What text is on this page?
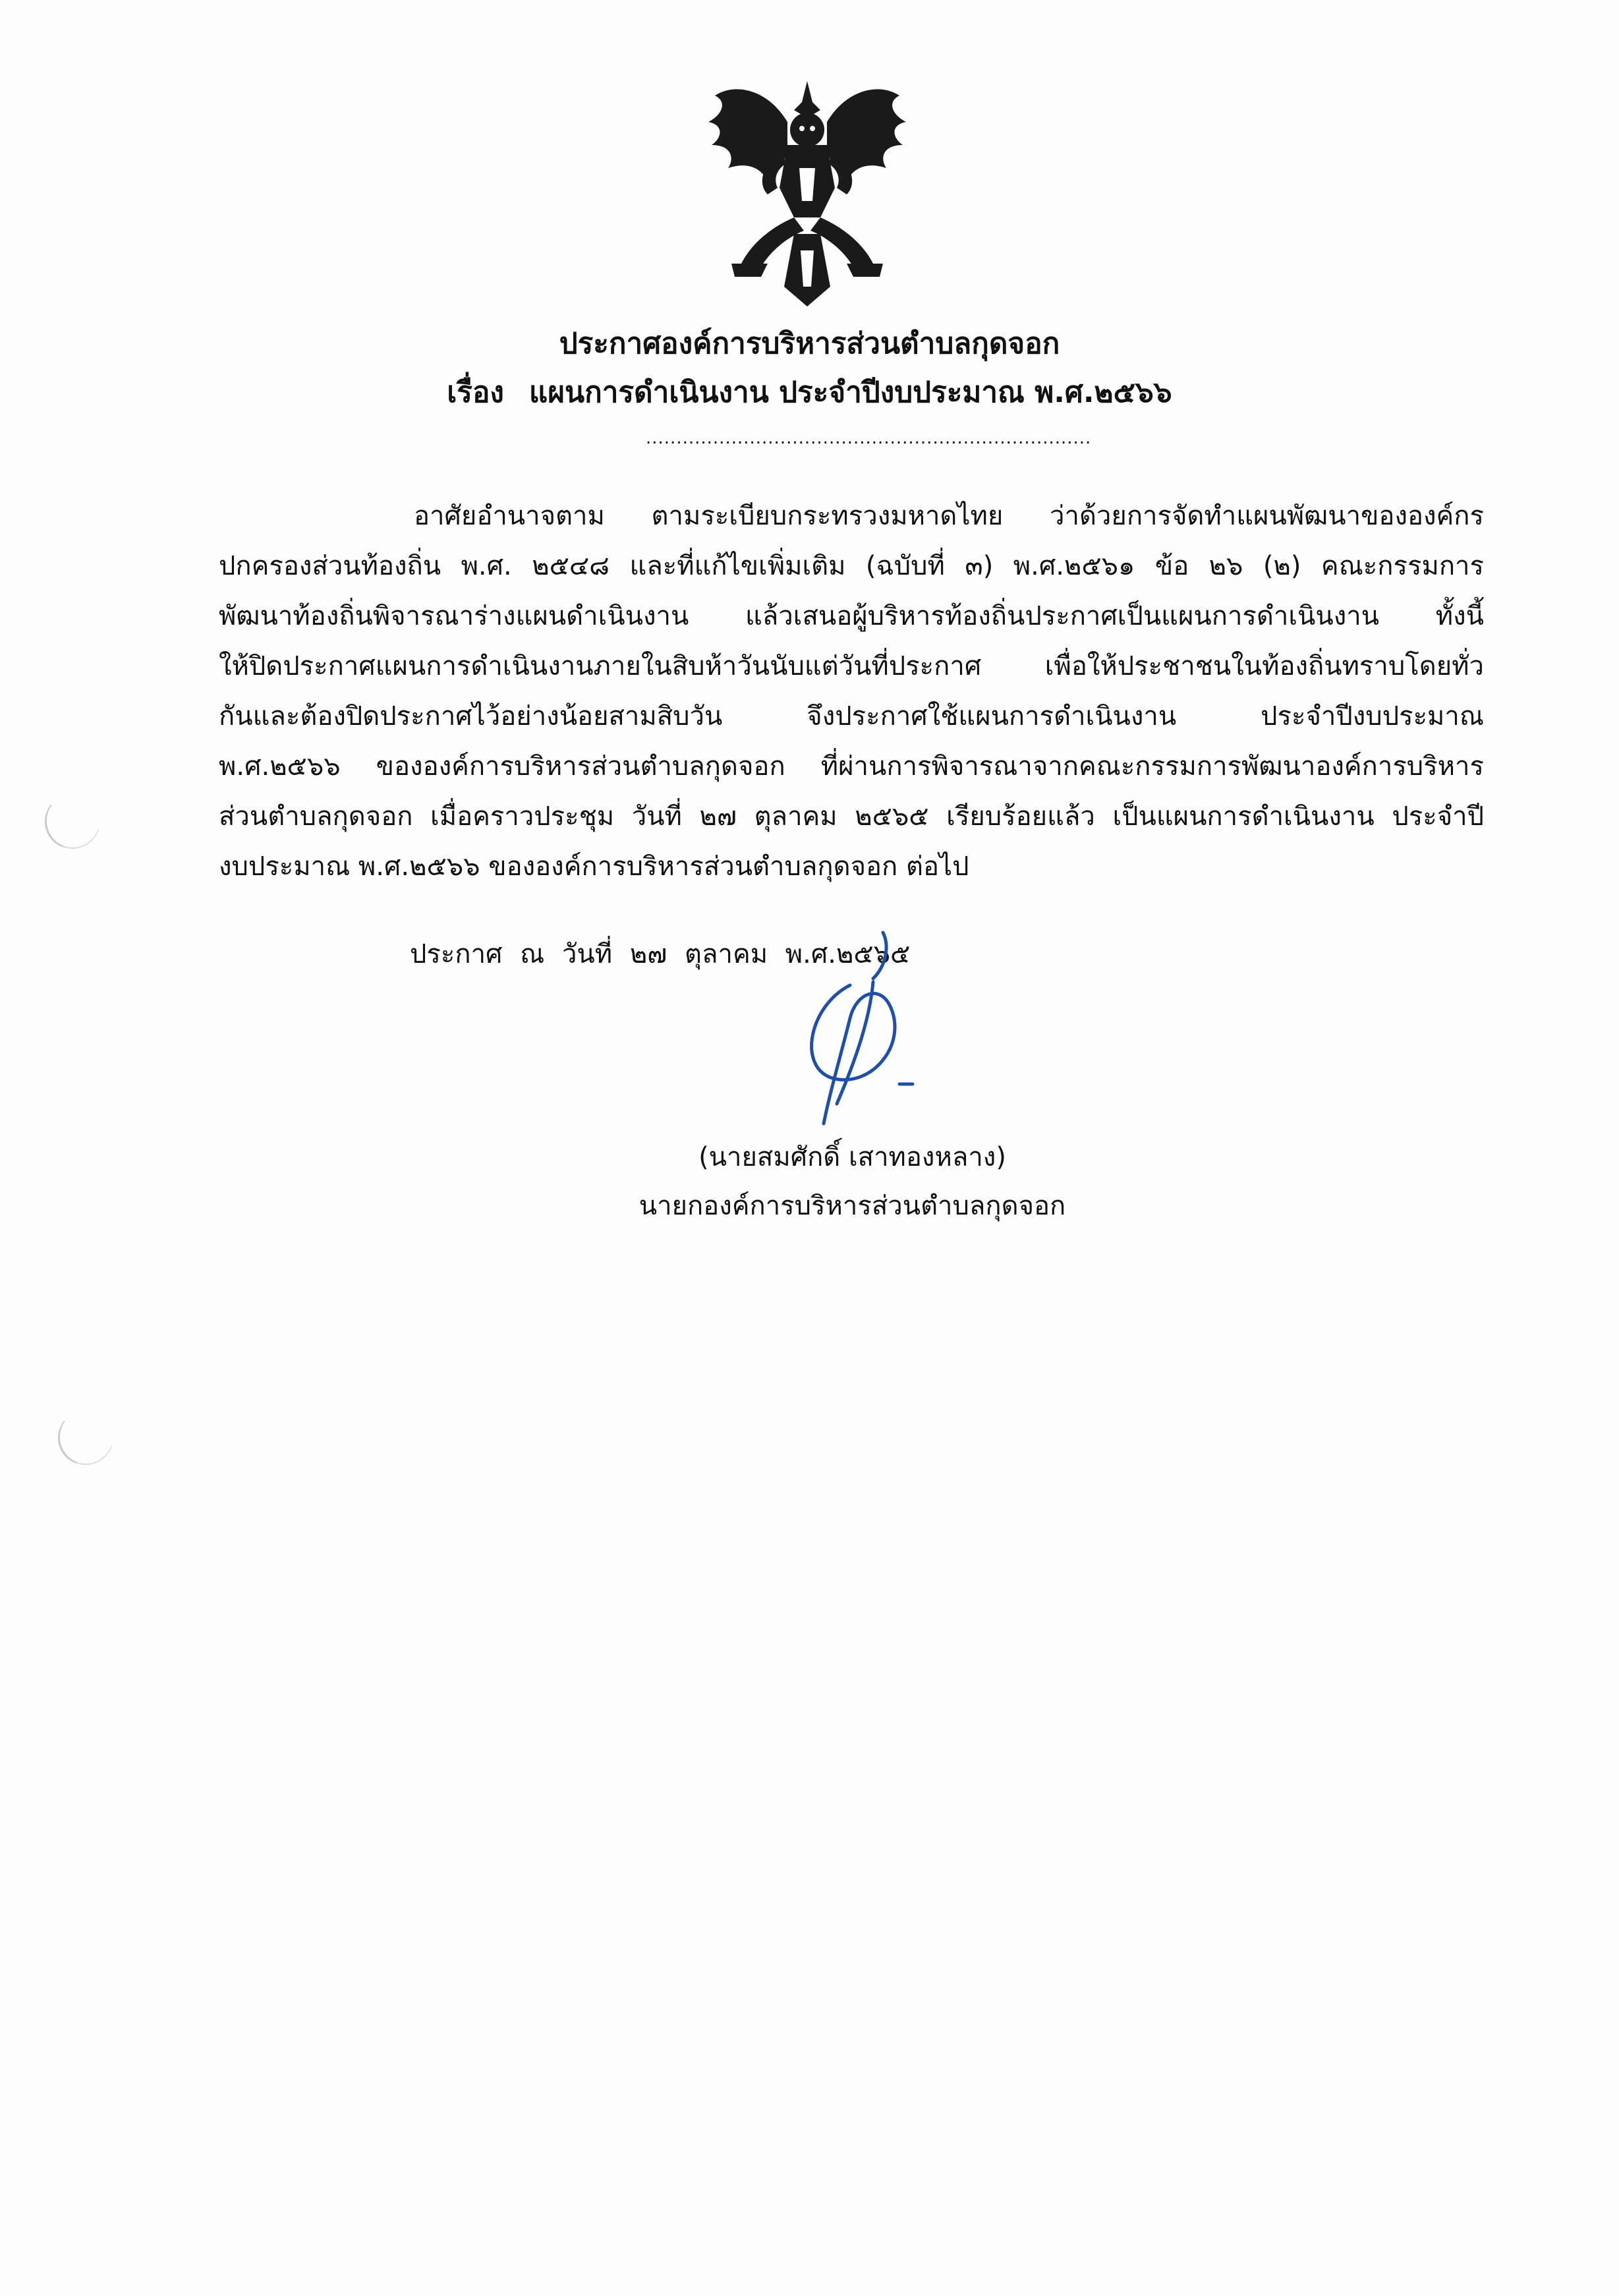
ประกาศองค์การบริหารส่วนตำบลกุดจอก
เรื่อง แผนการดำเนินงาน ประจำปีงบประมาณ พ.ศ.๒๕๖๖
.........................................................................
อาศัยอำนาจตาม ตามระเบียบกระทรวงมหาดไทย ว่าด้วยการจัดทำแผนพัฒนาขององค์กร
ปกครองส่วนท้องถิ่น พ.ศ. ๒๕๔๘ และที่แก้ไขเพิ่มเติม (ฉบับที่ ๓) พ.ศ.๒๕๖๑ ข้อ ๒๖ (๒) คณะกรรมการ
พัฒนาท้องถิ่นพิจารณาร่างแผนดำเนินงาน แล้วเสนอผู้บริหารท้องถิ่นประกาศเป็นแผนการดำเนินงาน ทั้งนี้
ให้ปิดประกาศแผนการดำเนินงานภายในสิบห้าวันนับแต่วันที่ประกาศ เพื่อให้ประชาชนในท้องถิ่นทราบโดยทั่ว
กันและต้องปิดประกาศไว้อย่างน้อยสามสิบวัน จึงประกาศใช้แผนการดำเนินงาน ประจำปีงบประมาณ
พ.ศ.๒๕๖๖ ขององค์การบริหารส่วนตำบลกุดจอก ที่ผ่านการพิจารณาจากคณะกรรมการพัฒนาองค์การบริหาร
ส่วนตำบลกุดจอก เมื่อคราวประชุม วันที่ ๒๗ ตุลาคม ๒๕๖๕ เรียบร้อยแล้ว เป็นแผนการดำเนินงาน ประจำปี
งบประมาณ พ.ศ.๒๕๖๖ ขององค์การบริหารส่วนตำบลกุดจอก ต่อไป
ประกาศ ณ วันที่ ๒๗ ตุลาคม พ.ศ.๒๕๖๕
(นายสมศักดิ์ เสาทองหลาง)
นายกองค์การบริหารส่วนตำบลกุดจอก
